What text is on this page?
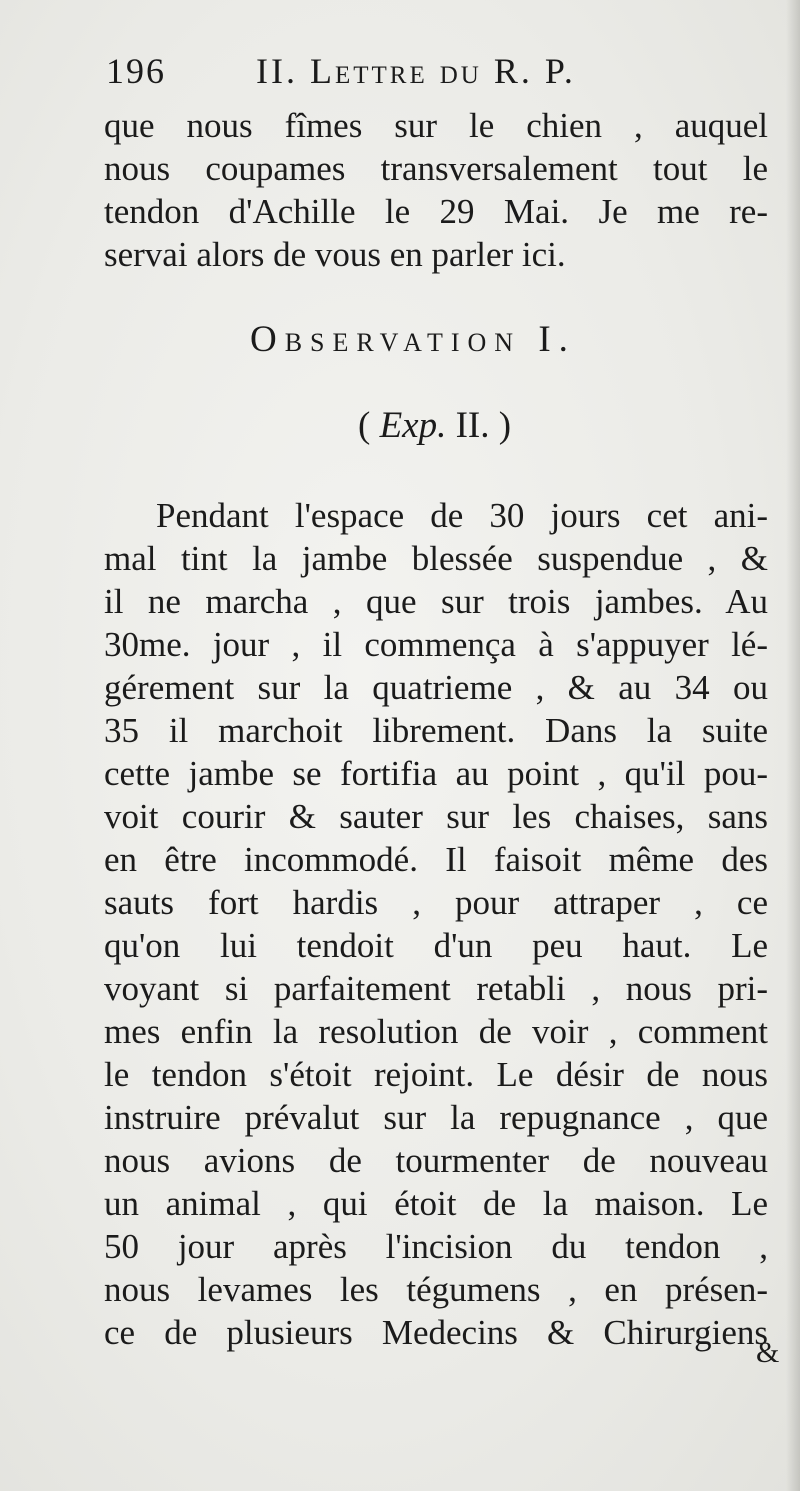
196	II. Lettre du R. P.
que nous fîmes sur le chien , auquel
nous coupames transversalement tout le
tendon d'Achille le 29 Mai. Je me re-
servai alors de vous en parler ici.
Observation I.
( Exp. II. )
Pendant l'espace de 30 jours cet ani-
mal tint la jambe blessée suspendue , &
il ne marcha , que sur trois jambes. Au
30me. jour , il commença à s'appuyer lé-
gérement sur la quatrieme , & au 34 ou
35 il marchoit librement. Dans la suite
cette jambe se fortifia au point , qu'il pou-
voit courir & sauter sur les chaises, sans
en être incommodé. Il faisoit même des
sauts fort hardis , pour attraper , ce
qu'on lui tendoit d'un peu haut. Le
voyant si parfaitement retabli , nous pri-
mes enfin la resolution de voir , comment
le tendon s'étoit rejoint. Le désir de nous
instruire prévalut sur la repugnance , que
nous avions de tourmenter de nouveau
un animal , qui étoit de la maison. Le
50 jour après l'incision du tendon ,
nous levames les tégumens , en présen-
ce de plusieurs Medecins & Chirurgiens
&
